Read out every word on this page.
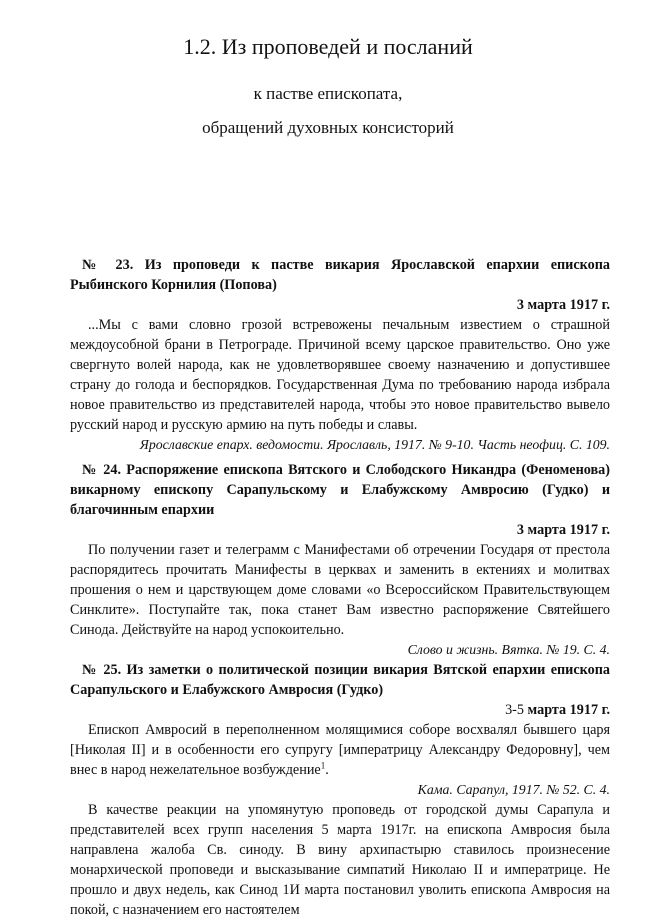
1.2. Из проповедей и посланий
к пастве епископата,
обращений духовных консисторий
№ 23. Из проповеди к пастве викария Ярославской епархии епископа Рыбинского Корнилия (Попова)
3 марта 1917 г.

...Мы с вами словно грозой встревожены печальным известием о страшной междоусобной брани в Петрограде. Причиной всему царское правительство. Оно уже свергнуто волей народа, как не удовлетворявшее своему назначению и допустившее страну до голода и беспорядков. Государственная Дума по требованию народа избрала новое правительство из представителей народа, чтобы это новое правительство вывело русский народ и русскую армию на путь победы и славы.

Ярославские епарх. ведомости. Ярославль, 1917. № 9-10. Часть неофиц. С. 109.
№ 24. Распоряжение епископа Вятского и Слободского Никандра (Феноменова) викарному епископу Сарапульскому и Елабужскому Амвросию (Гудко) и благочинным епархии
3 марта 1917 г.

По получении газет и телеграмм с Манифестами об отречении Государя от престола распорядитесь прочитать Манифесты в церквах и заменить в ектениях и молитвах прошения о нем и царствующем доме словами «о Всероссийском Правительствующем Синклите». Поступайте так, пока станет Вам известно распоряжение Святейшего Синода. Действуйте на народ успокоительно.

Слово и жизнь. Вятка. № 19. С. 4.
№ 25. Из заметки о политической позиции викария Вятской епархии епископа Сарапульского и Елабужского Амвросия (Гудко)
3-5 марта 1917 г.

Епископ Амвросий в переполненном молящимися соборе восхвалял бывшего царя [Николая II] и в особенности его супругу [императрицу Александру Федоровну], чем внес в народ нежелательное возбуждение$^1$.

Кама. Сарапул, 1917. № 52. С. 4.

В качестве реакции на упомянутую проповедь от городской думы Сарапула и представителей всех групп населения 5 марта 1917г. на епископа Амвросия была направлена жалоба Св. синоду. В вину архипастырю ставилось произнесение монархической проповеди и высказывание симпатий Николаю II и императрице. Не прошло и двух недель, как Синод 1И марта постановил уволить епископа Амвросия на покой, с назначением его настоятелем
